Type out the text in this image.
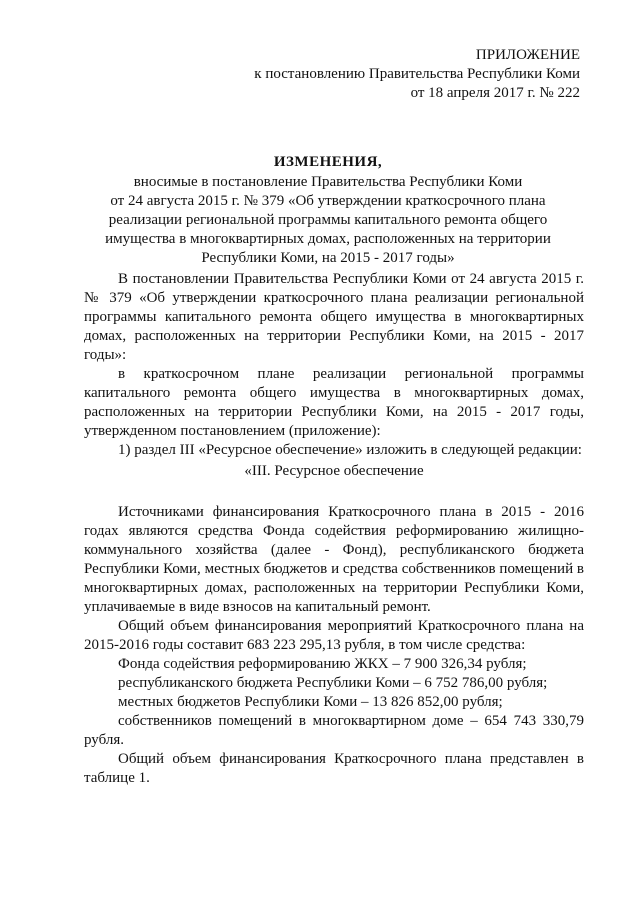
ПРИЛОЖЕНИЕ
к постановлению Правительства Республики Коми
от 18 апреля 2017 г. № 222
ИЗМЕНЕНИЯ,
вносимые в постановление Правительства Республики Коми
от 24 августа 2015 г. № 379 «Об утверждении краткосрочного плана
реализации региональной программы капитального ремонта общего
имущества в многоквартирных домах, расположенных на территории
Республики Коми, на 2015 - 2017 годы»

В постановлении Правительства Республики Коми от 24 августа 2015 г. № 379 «Об утверждении краткосрочного плана реализации региональной программы капитального ремонта общего имущества в многоквартирных домах, расположенных на территории Республики Коми, на 2015 - 2017 годы»:

в краткосрочном плане реализации региональной программы капитального ремонта общего имущества в многоквартирных домах, расположенных на территории Республики Коми, на 2015 - 2017 годы, утвержденном постановлением (приложение):

1) раздел III «Ресурсное обеспечение» изложить в следующей редакции:

«III. Ресурсное обеспечение

Источниками финансирования Краткосрочного плана в 2015 - 2016 годах являются средства Фонда содействия реформированию жилищно-коммунального хозяйства (далее - Фонд), республиканского бюджета Республики Коми, местных бюджетов и средства собственников помещений в многоквартирных домах, расположенных на территории Республики Коми, уплачиваемые в виде взносов на капитальный ремонт.

Общий объем финансирования мероприятий Краткосрочного плана на 2015-2016 годы составит 683 223 295,13 рубля, в том числе средства:

Фонда содействия реформированию ЖКХ – 7 900 326,34 рубля;

республиканского бюджета Республики Коми – 6 752 786,00 рубля;

местных бюджетов Республики Коми – 13 826 852,00 рубля;

собственников помещений в многоквартирном доме – 654 743 330,79 рубля.

Общий объем финансирования Краткосрочного плана представлен в таблице 1.
